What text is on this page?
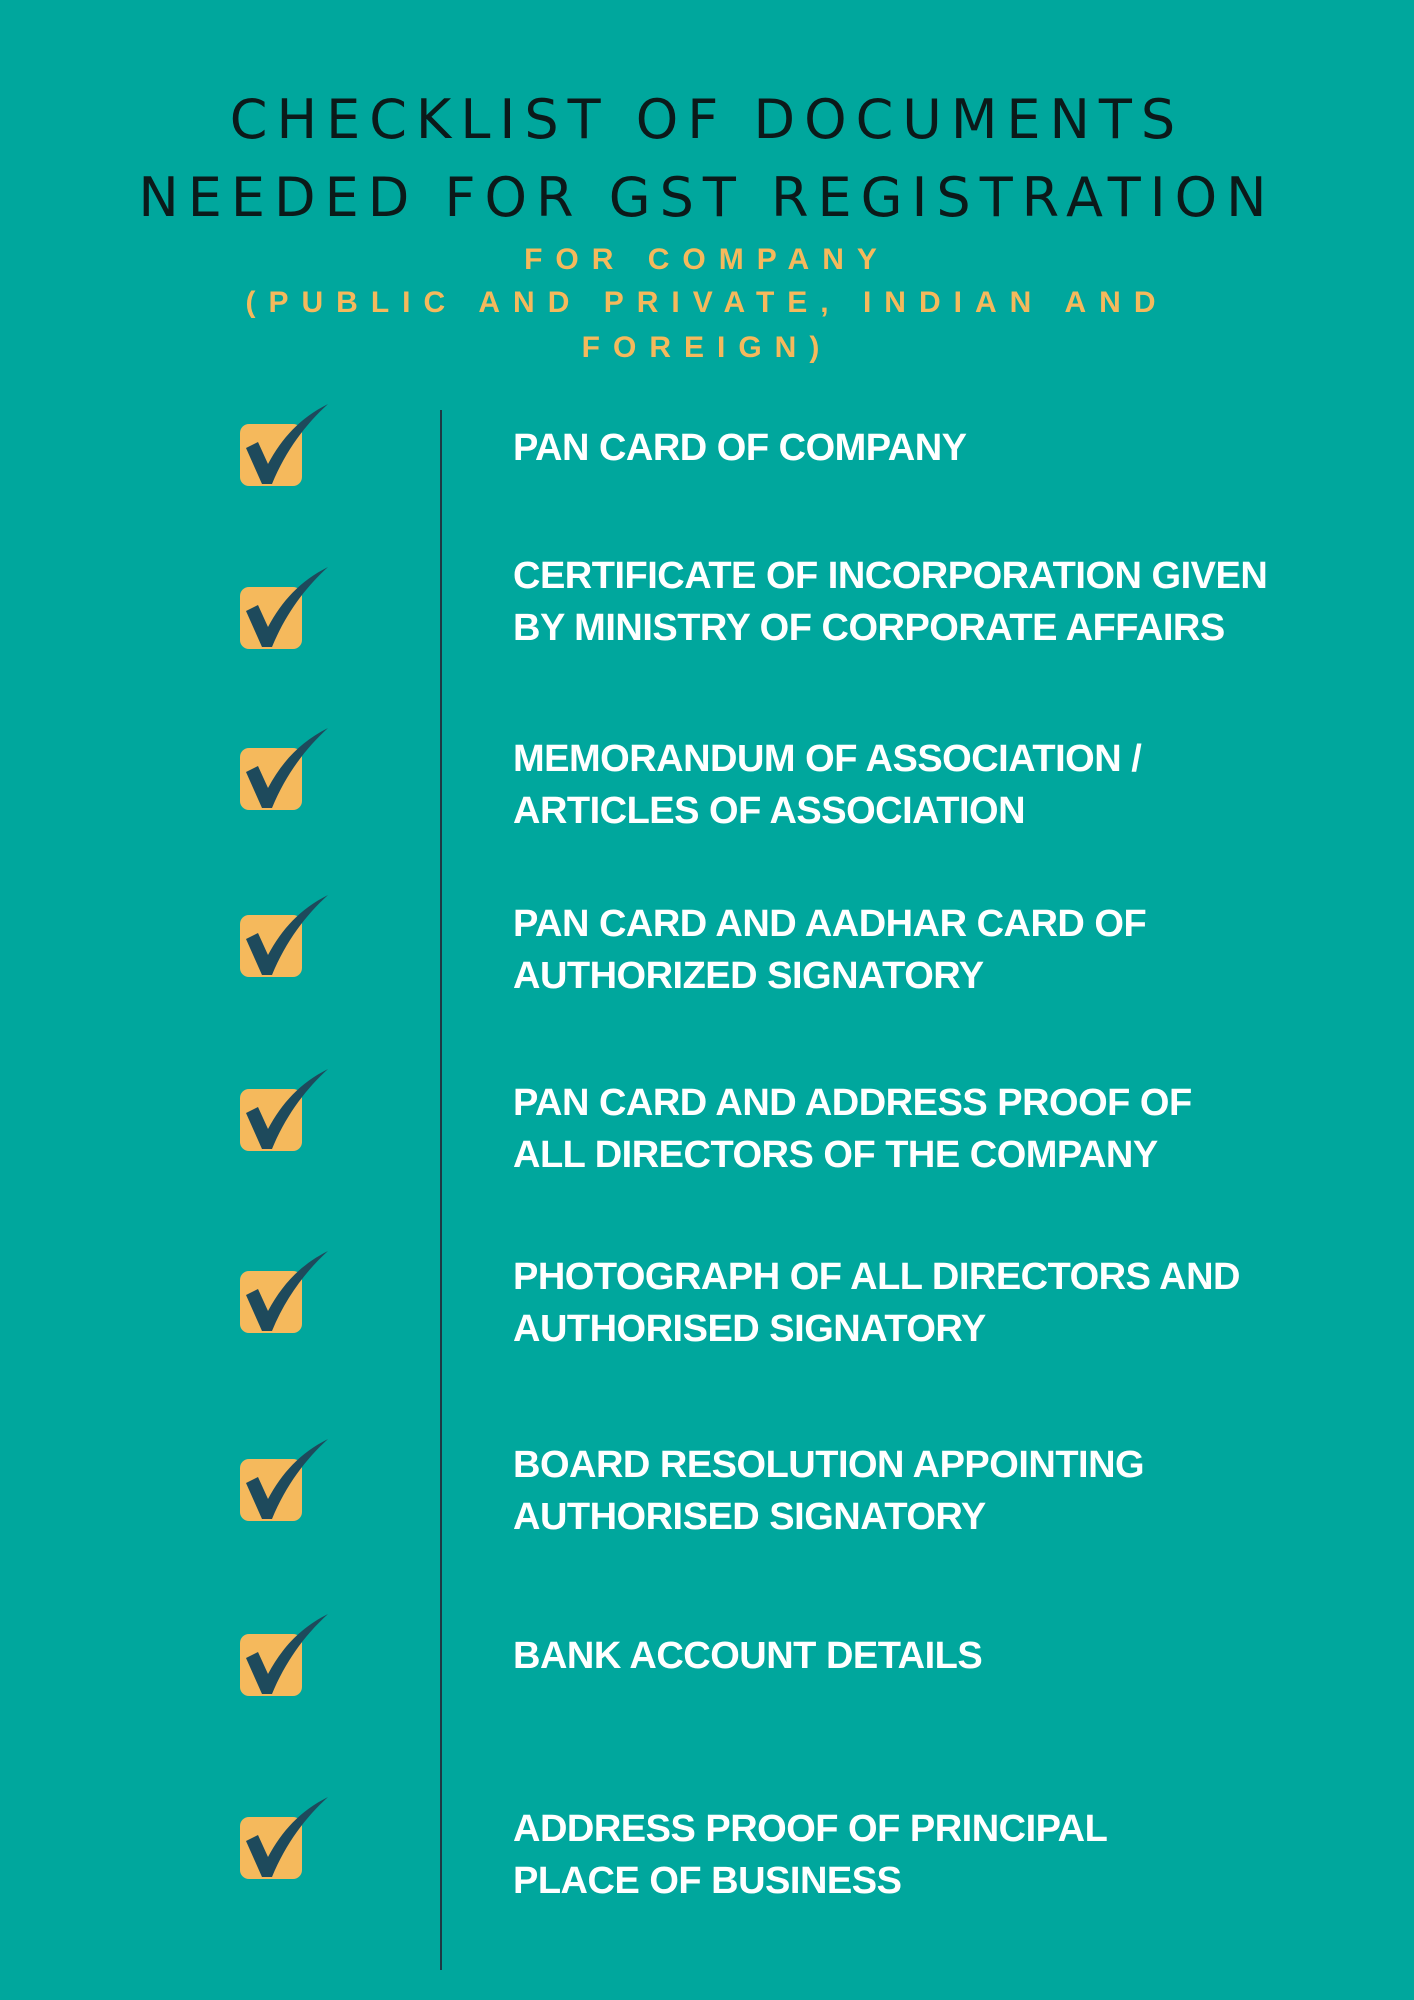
CHECKLIST OF DOCUMENTS
NEEDED FOR GST REGISTRATION
FOR COMPANY
(PUBLIC AND PRIVATE, INDIAN AND
FOREIGN)
PAN CARD OF COMPANY
CERTIFICATE OF INCORPORATION GIVEN
BY MINISTRY OF CORPORATE AFFAIRS
MEMORANDUM OF ASSOCIATION /
ARTICLES OF ASSOCIATION
PAN CARD AND AADHAR CARD OF
AUTHORIZED SIGNATORY
PAN CARD AND ADDRESS PROOF OF
ALL DIRECTORS OF THE COMPANY
PHOTOGRAPH OF ALL DIRECTORS AND
AUTHORISED SIGNATORY
BOARD RESOLUTION APPOINTING
AUTHORISED SIGNATORY
BANK ACCOUNT DETAILS
ADDRESS PROOF OF PRINCIPAL
PLACE OF BUSINESS
